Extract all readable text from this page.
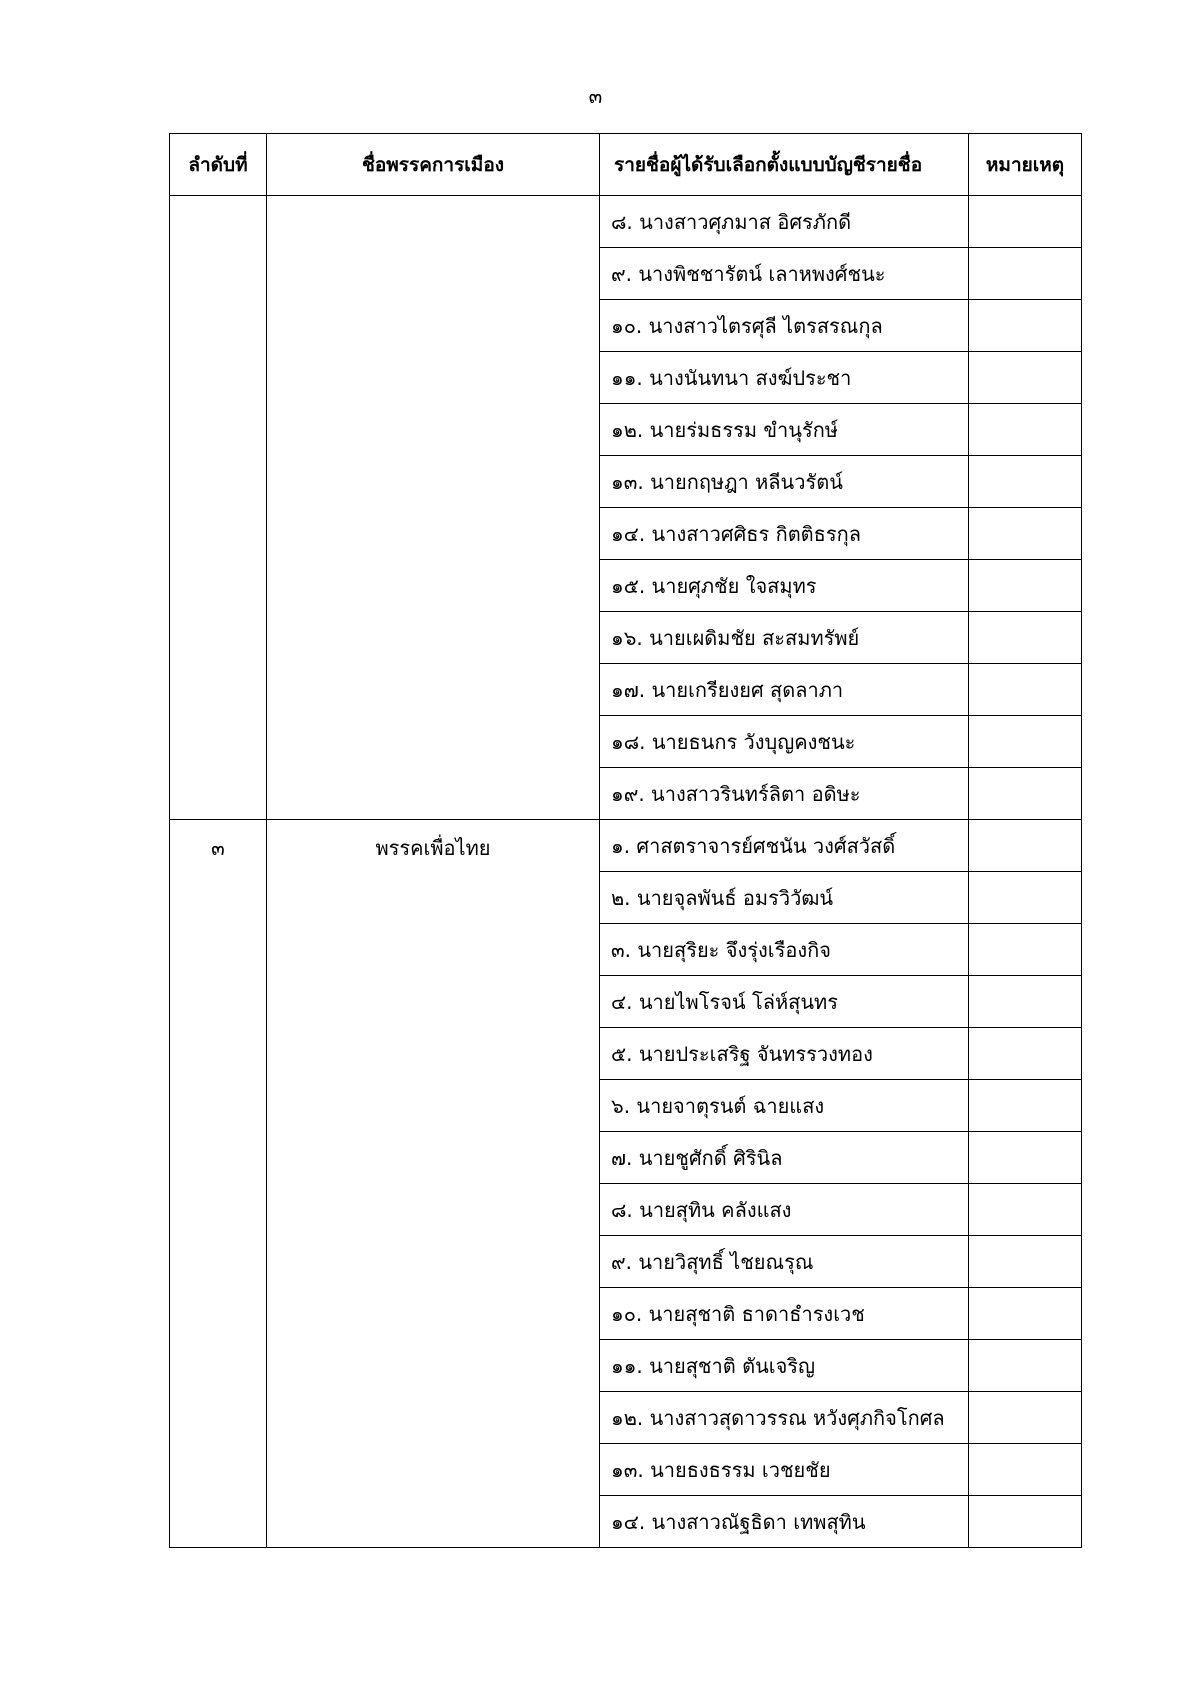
๓
ลำดับที่	ชื่อพรรคการเมือง	รายชื่อผู้ได้รับเลือกตั้งแบบบัญชีรายชื่อ	หมายเหตุ
		๘. นางสาวศุภมาส อิศรภักดี	
		๙. นางพิชชารัตน์ เลาหพงศ์ชนะ	
		๑๐. นางสาวไตรศุลี ไตรสรณกุล	
		๑๑. นางนันทนา สงฆ์ประชา	
		๑๒. นายร่มธรรม ขำนุรักษ์	
		๑๓. นายกฤษฎา หลีนวรัตน์	
		๑๔. นางสาวศศิธร กิตติธรกุล	
		๑๕. นายศุภชัย ใจสมุทร	
		๑๖. นายเผดิมชัย สะสมทรัพย์	
		๑๗. นายเกรียงยศ สุดลาภา	
		๑๘. นายธนกร วังบุญคงชนะ	
		๑๙. นางสาวรินทร์ลิตา อดิษะ	
๓	พรรคเพื่อไทย	๑. ศาสตราจารย์ศชนัน วงศ์สวัสดิ์	
		๒. นายจุลพันธ์ อมรวิวัฒน์	
		๓. นายสุริยะ จึงรุ่งเรืองกิจ	
		๔. นายไพโรจน์ โล่ห์สุนทร	
		๕. นายประเสริฐ จันทรรวงทอง	
		๖. นายจาตุรนต์ ฉายแสง	
		๗. นายชูศักดิ์ ศิรินิล	
		๘. นายสุทิน คลังแสง	
		๙. นายวิสุทธิ์ ไชยณรุณ	
		๑๐. นายสุชาติ ธาดาธำรงเวช	
		๑๑. นายสุชาติ ตันเจริญ	
		๑๒. นางสาวสุดาวรรณ หวังศุภกิจโกศล	
		๑๓. นายธงธรรม เวชยชัย	
		๑๔. นางสาวณัฐธิดา เทพสุทิน	
